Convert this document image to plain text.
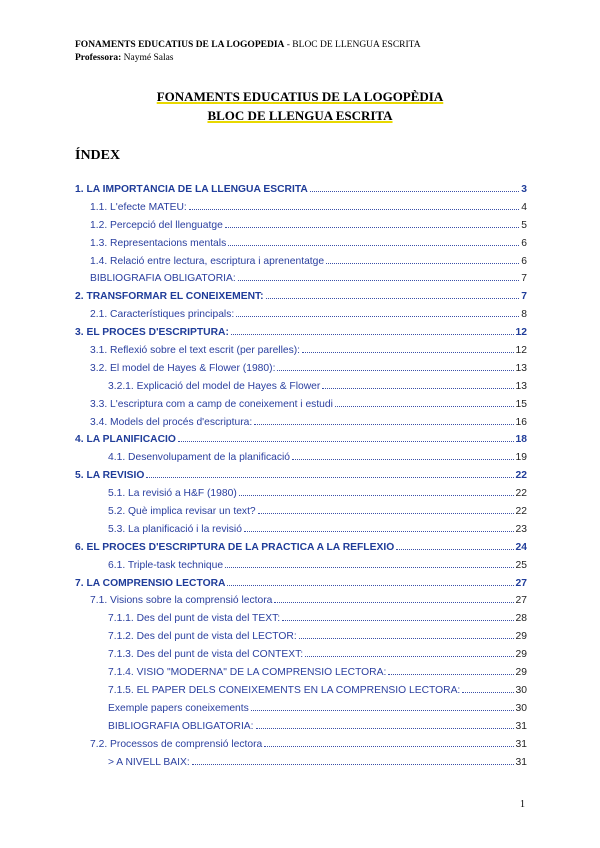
FONAMENTS EDUCATIUS DE LA LOGOPEDIA - BLOC DE LLENGUA ESCRITA
Professora: Naymé Salas
FONAMENTS EDUCATIUS DE LA LOGOPÈDIA
BLOC DE LLENGUA ESCRITA
ÍNDEX
1. LA IMPORTÀNCIA DE LA LLENGUA ESCRITA	3
1.1. L'efecte MATEU:	4
1.2. Percepció del llenguatge	5
1.3. Representacions mentals	6
1.4. Relació entre lectura, escriptura i aprenentatge	6
BIBLIOGRAFIA OBLIGATÒRIA:	7
2. TRANSFORMAR EL CONEIXEMENT:	7
2.1. Característiques principals:	8
3. EL PROCÉS D'ESCRIPTURA:	12
3.1. Reflexió sobre el text escrit (per parelles):	12
3.2. El model de Hayes & Flower (1980):	13
3.2.1. Explicació del model de Hayes & Flower	13
3.3. L'escriptura com a camp de coneixement i estudi	15
3.4. Models del procés d'escriptura:	16
4. LA PLANIFICACIÓ	18
4.1. Desenvolupament de la planificació	19
5. LA REVISIÓ	22
5.1. La revisió a H&F (1980)	22
5.2. Què implica revisar un text?	22
5.3. La planificació i la revisió	23
6. EL PROCÉS D'ESCRIPTURA DE LA PRÀCTICA A LA REFLEXIÓ	24
6.1. Triple-task technique	25
7. LA COMPRENSIÓ LECTORA	27
7.1. Visions sobre la comprensió lectora	27
7.1.1. Des del punt de vista del TEXT:	28
7.1.2. Des del punt de vista del LECTOR:	29
7.1.3. Des del punt de vista del CONTEXT:	29
7.1.4. VISIÓ "MODERNA" DE LA COMPRENSIÓ LECTORA:	29
7.1.5. EL PAPER DELS CONEIXEMENTS EN LA COMPRENSIÓ LECTORA:	30
Exemple papers coneixements	30
BIBLIOGRAFIA OBLIGATORIA:	31
7.2. Processos de comprensió lectora	31
> A NIVELL BAIX:	31
1
